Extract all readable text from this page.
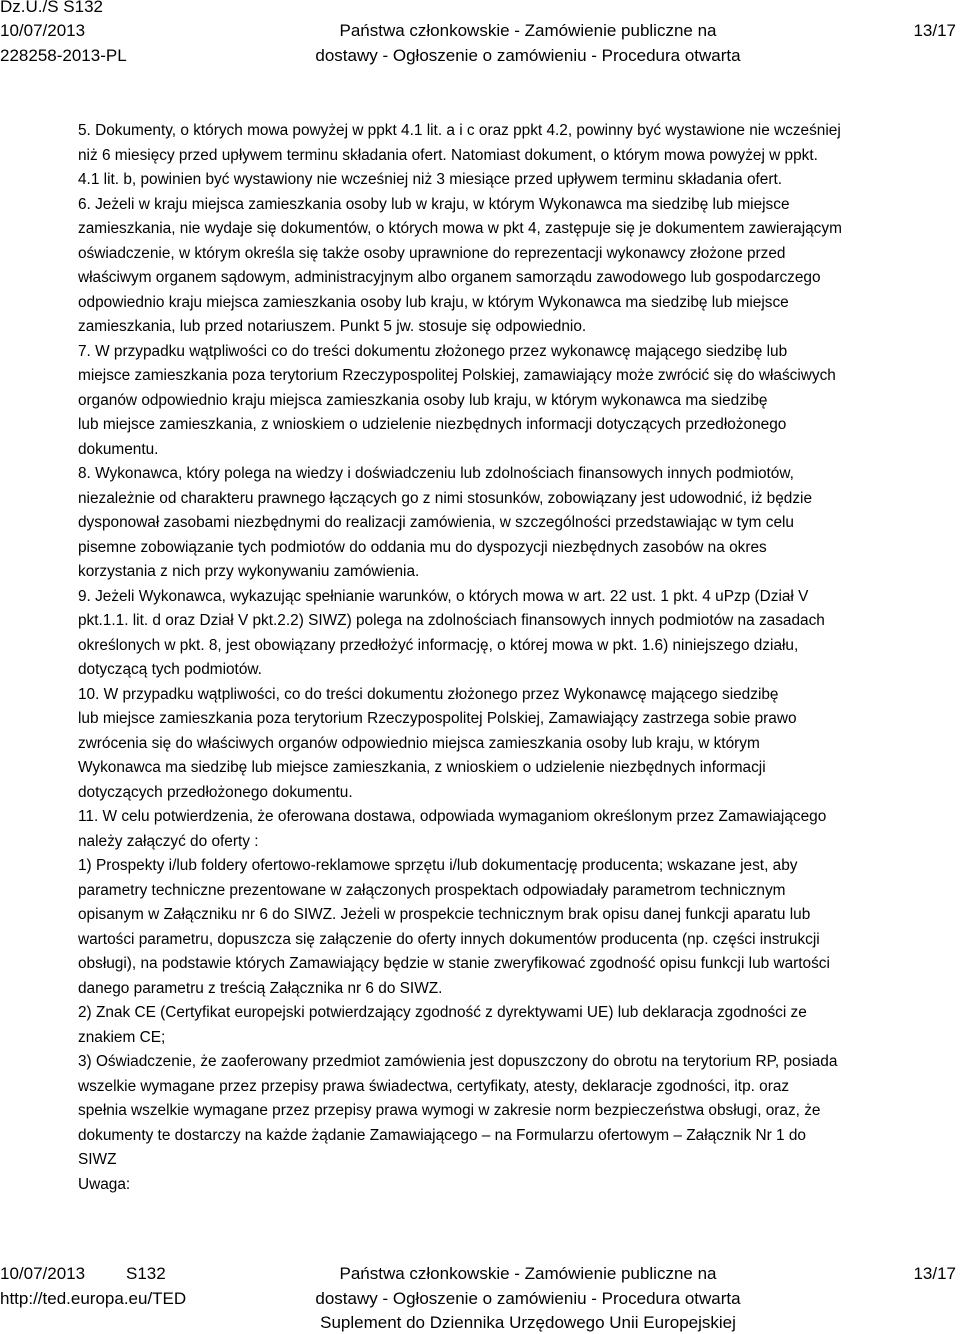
Dz.U./S S132
10/07/2013
228258-2013-PL
Państwa członkowskie - Zamówienie publiczne na
dostawy - Ogłoszenie o zamówieniu - Procedura otwarta
13/17

5. Dokumenty, o których mowa powyżej w ppkt 4.1 lit. a i c oraz ppkt 4.2, powinny być wystawione nie wcześniej

niż 6 miesięcy przed upływem terminu składania ofert. Natomiast dokument, o którym mowa powyżej w ppkt.

4.1 lit. b, powinien być wystawiony nie wcześniej niż 3 miesiące przed upływem terminu składania ofert.

6. Jeżeli w kraju miejsca zamieszkania osoby lub w kraju, w którym Wykonawca ma siedzibę lub miejsce

zamieszkania, nie wydaje się dokumentów, o których mowa w pkt 4, zastępuje się je dokumentem zawierającym

oświadczenie, w którym określa się także osoby uprawnione do reprezentacji wykonawcy złożone przed

właściwym organem sądowym, administracyjnym albo organem samorządu zawodowego lub gospodarczego

odpowiednio kraju miejsca zamieszkania osoby lub kraju, w którym Wykonawca ma siedzibę lub miejsce

zamieszkania, lub przed notariuszem. Punkt 5 jw. stosuje się odpowiednio.

7. W przypadku wątpliwości co do treści dokumentu złożonego przez wykonawcę mającego siedzibę lub

miejsce zamieszkania poza terytorium Rzeczypospolitej Polskiej, zamawiający może zwrócić się do właściwych

organów odpowiednio kraju miejsca zamieszkania osoby lub kraju, w którym wykonawca ma siedzibę

lub miejsce zamieszkania, z wnioskiem o udzielenie niezbędnych informacji dotyczących przedłożonego

dokumentu.

8. Wykonawca, który polega na wiedzy i doświadczeniu lub zdolnościach finansowych innych podmiotów,

niezależnie od charakteru prawnego łączących go z nimi stosunków, zobowiązany jest udowodnić, iż będzie

dysponował zasobami niezbędnymi do realizacji zamówienia, w szczególności przedstawiając w tym celu

pisemne zobowiązanie tych podmiotów do oddania mu do dyspozycji niezbędnych zasobów na okres

korzystania z nich przy wykonywaniu zamówienia.

9. Jeżeli Wykonawca, wykazując spełnianie warunków, o których mowa w art. 22 ust. 1 pkt. 4 uPzp (Dział V

pkt.1.1. lit. d oraz Dział V pkt.2.2) SIWZ) polega na zdolnościach finansowych innych podmiotów na zasadach

określonych w pkt. 8, jest obowiązany przedłożyć informację, o której mowa w pkt. 1.6) niniejszego działu,

dotyczącą tych podmiotów.

10. W przypadku wątpliwości, co do treści dokumentu złożonego przez Wykonawcę mającego siedzibę

lub miejsce zamieszkania poza terytorium Rzeczypospolitej Polskiej, Zamawiający zastrzega sobie prawo

zwrócenia się do właściwych organów odpowiednio miejsca zamieszkania osoby lub kraju, w którym

Wykonawca ma siedzibę lub miejsce zamieszkania, z wnioskiem o udzielenie niezbędnych informacji

dotyczących przedłożonego dokumentu.

11. W celu potwierdzenia, że oferowana dostawa, odpowiada wymaganiom określonym przez Zamawiającego

należy załączyć do oferty :

1) Prospekty i/lub foldery ofertowo-reklamowe sprzętu i/lub dokumentację producenta; wskazane jest, aby

parametry techniczne prezentowane w załączonych prospektach odpowiadały parametrom technicznym

opisanym w Załączniku nr 6 do SIWZ. Jeżeli w prospekcie technicznym brak opisu danej funkcji aparatu lub

wartości parametru, dopuszcza się załączenie do oferty innych dokumentów producenta (np. części instrukcji

obsługi), na podstawie których Zamawiający będzie w stanie zweryfikować zgodność opisu funkcji lub wartości

danego parametru z treścią Załącznika nr 6 do SIWZ.

2) Znak CE (Certyfikat europejski potwierdzający zgodność z dyrektywami UE) lub deklaracja zgodności ze

znakiem CE;

3) Oświadczenie, że zaoferowany przedmiot zamówienia jest dopuszczony do obrotu na terytorium RP, posiada

wszelkie wymagane przez przepisy prawa świadectwa, certyfikaty, atesty, deklaracje zgodności, itp. oraz

spełnia wszelkie wymagane przez przepisy prawa wymogi w zakresie norm bezpieczeństwa obsługi, oraz, że

dokumenty te dostarczy na każde żądanie Zamawiającego – na Formularzu ofertowym – Załącznik Nr 1 do

SIWZ

Uwaga:

10/07/2013 S132
http://ted.europa.eu/TED
Państwa członkowskie - Zamówienie publiczne na
dostawy - Ogłoszenie o zamówieniu - Procedura otwarta
Suplement do Dziennika Urzędowego Unii Europejskiej
13/17
